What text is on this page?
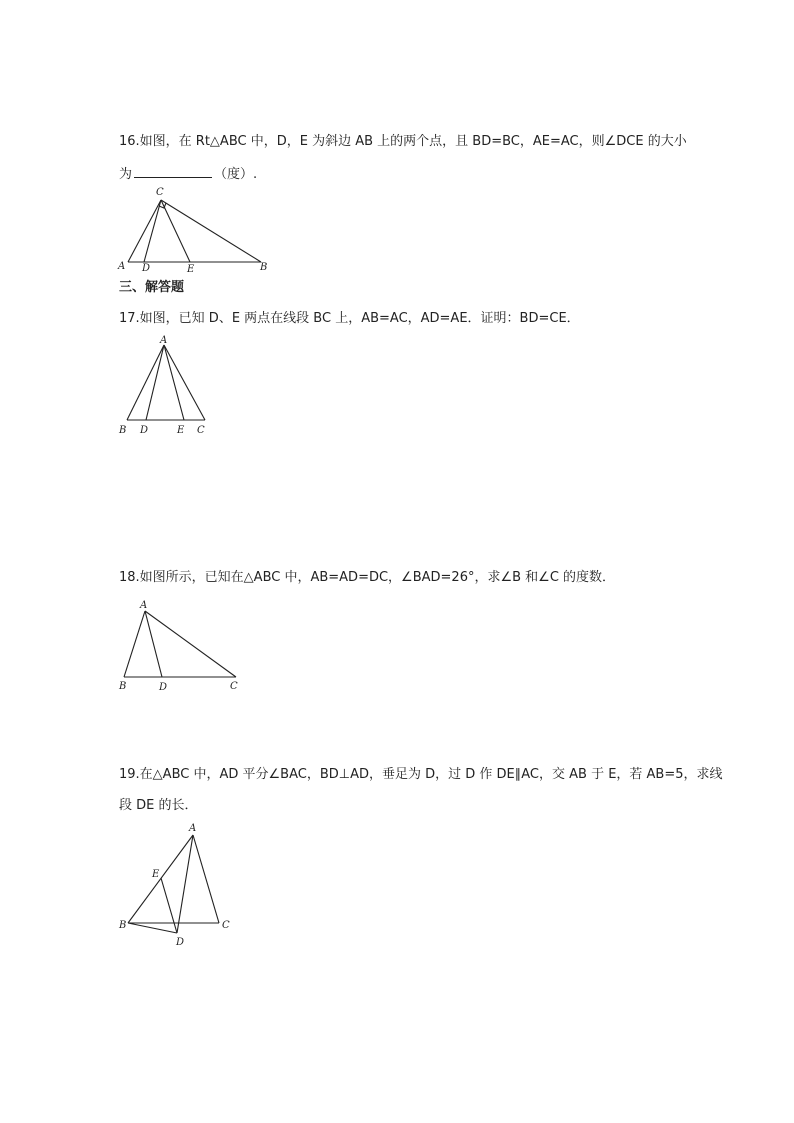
16.如图，在 Rt△ABC 中，D，E 为斜边 AB 上的两个点，且 BD=BC，AE=AC，则∠DCE 的大小
为	（度）.
C
A D	E	B
三、解答题
17.如图，已知 D、E 两点在线段 BC 上，AB=AC，AD=AE．证明：BD=CE．
A
B D	E C
18.如图所示，已知在△ABC 中，AB=AD=DC，∠BAD=26°，求∠B 和∠C 的度数．
A
B	D	C
19.在△ABC 中，AD 平分∠BAC，BD⊥AD，垂足为 D，过 D 作 DE∥AC，交 AB 于 E，若 AB=5，求线
段 DE 的长．
A
E
B	C
D
